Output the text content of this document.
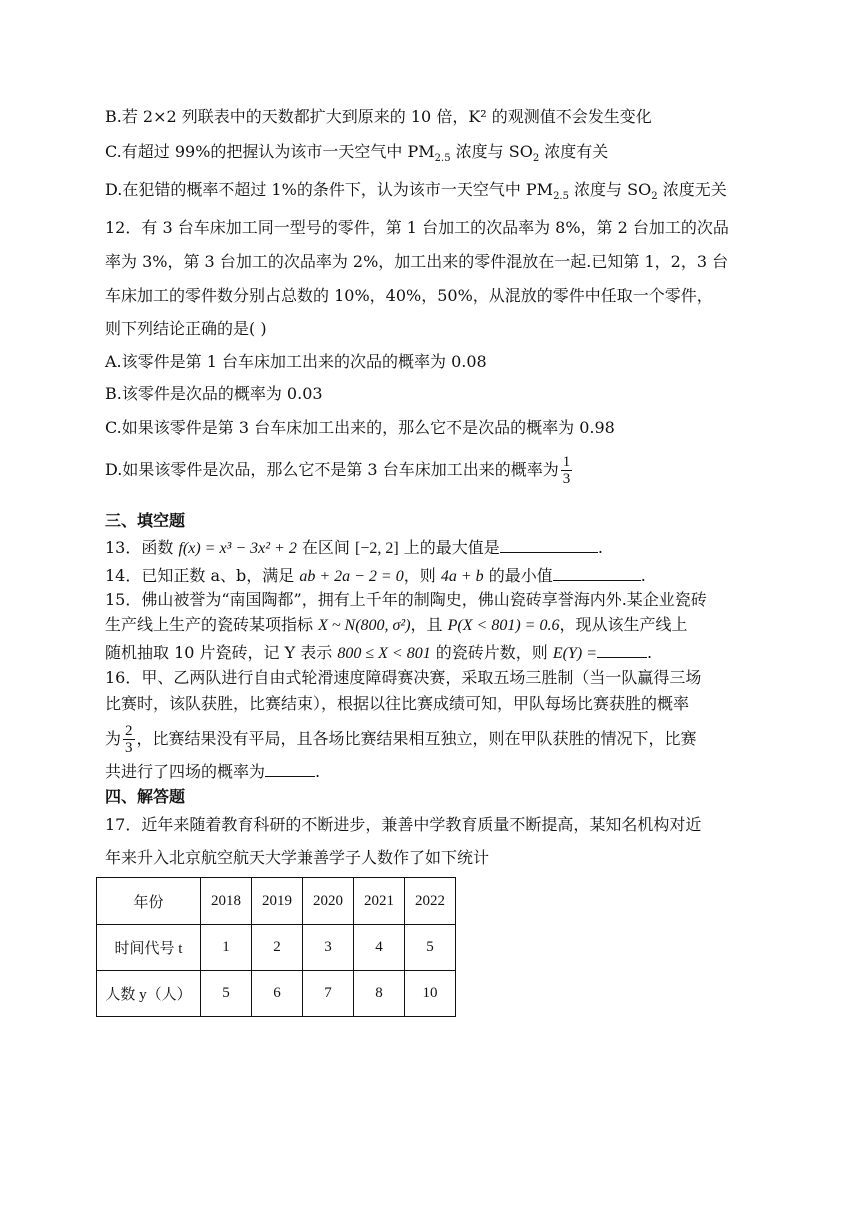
B.若 2×2 列联表中的天数都扩大到原来的 10 倍，K² 的观测值不会发生变化
C.有超过 99%的把握认为该市一天空气中 $PM_{2.5}$ 浓度与 $SO_2$ 浓度有关
D.在犯错的概率不超过 1%的条件下，认为该市一天空气中 $PM_{2.5}$ 浓度与 $SO_2$ 浓度无关
12．有 3 台车床加工同一型号的零件，第 1 台加工的次品率为 8%，第 2 台加工的次品
率为 3%，第 3 台加工的次品率为 2%，加工出来的零件混放在一起.已知第 1，2，3 台
车床加工的零件数分别占总数的 10%，40%，50%，从混放的零件中任取一个零件，
则下列结论正确的是( )
A.该零件是第 1 台车床加工出来的次品的概率为 0.08
B.该零件是次品的概率为 0.03
C.如果该零件是第 3 台车床加工出来的，那么它不是次品的概率为 0.98
D.如果该零件是次品，那么它不是第 3 台车床加工出来的概率为 $\frac{1}{3}$
三、填空题
13．函数 f(x) = x³ − 3x² + 2 在区间 [−2, 2] 上的最大值是	.
14．已知正数 a、b，满足 ab + 2a − 2 = 0，则 4a + b 的最小值	.
15．佛山被誉为“南国陶都”，拥有上千年的制陶史，佛山瓷砖享誉海内外.某企业瓷砖
生产线上生产的瓷砖某项指标 X ~ N(800, σ²)，且 P(X < 801) = 0.6，现从该生产线上
随机抽取 10 片瓷砖，记 Y 表示 800 ≤ X < 801 的瓷砖片数，则 E(Y) =	.
16．甲、乙两队进行自由式轮滑速度障碍赛决赛，采取五场三胜制（当一队赢得三场
比赛时，该队获胜，比赛结束），根据以往比赛成绩可知，甲队每场比赛获胜的概率
为 $\frac{2}{3}$ ，比赛结果没有平局，且各场比赛结果相互独立，则在甲队获胜的情况下，比赛
共进行了四场的概率为	.
四、解答题
17．近年来随着教育科研的不断进步，兼善中学教育质量不断提高，某知名机构对近
年来升入北京航空航天大学兼善学子人数作了如下统计
年份	2018	2019	2020	2021	2022
时间代号 t	1	2	3	4	5
人数 y（人）	5	6	7	8	10
